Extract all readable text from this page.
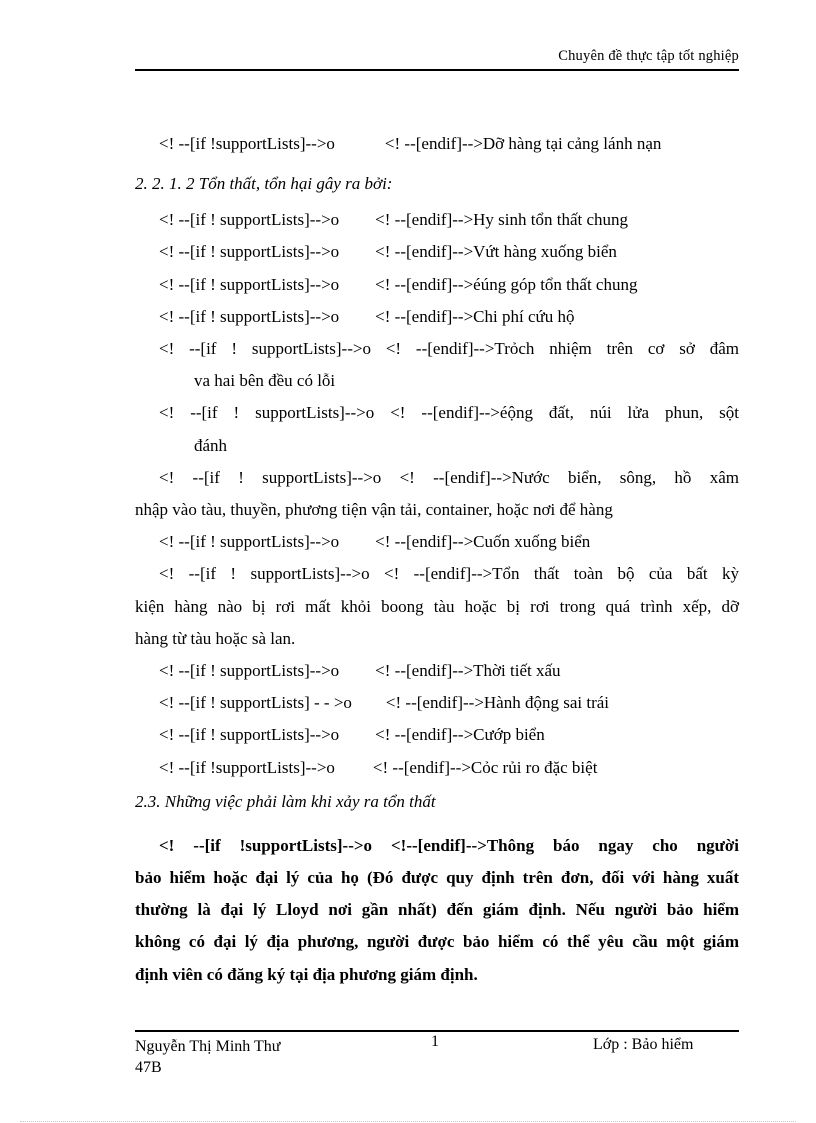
Chuyên đề thực tập tốt nghiệp
<! --[if !supportLists]-->o	<! --[endif]-->Dỡ hàng tại cảng lánh nạn
2. 2. 1. 2 Tổn thất, tổn hại gây ra bởi:
<! --[if ! supportLists]-->o <! --[endif]-->Hy sinh tổn thất chung
<! --[if ! supportLists]-->o <! --[endif]-->Vứt hàng xuống biển
<! --[if ! supportLists]-->o <! --[endif]-->éúng góp tổn thất chung
<! --[if ! supportLists]-->o <! --[endif]-->Chi phí cứu hộ
<! --[if ! supportLists]-->o <! --[endif]-->Trỏch nhiệm trên cơ sở đâm
va hai bên đều có lỗi
<! --[if ! supportLists]-->o <! --[endif]-->éộng đất, núi lửa phun, sột
đánh
<! --[if ! supportLists]-->o <! --[endif]-->Nước biển, sông, hồ xâm
nhập vào tàu, thuyền, phương tiện vận tải, container, hoặc nơi để hàng
<! --[if ! supportLists]-->o <! --[endif]-->Cuốn xuống biển
<! --[if ! supportLists]-->o <! --[endif]-->Tổn thất toàn bộ của bất kỳ
kiện hàng nào bị rơi mất khỏi boong tàu hoặc bị rơi trong quá trình xếp, dỡ
hàng từ tàu hoặc sà lan.
<! --[if ! supportLists]-->o <! --[endif]-->Thời tiết xấu
<! --[if ! supportLists] - - >o <! --[endif]-->Hành động sai trái
<! --[if ! supportLists]-->o <! --[endif]-->Cướp biển
<! --[if !supportLists]-->o <! --[endif]-->Cỏc rủi ro đặc biệt
2.3. Những việc phải làm khi xảy ra tổn thất
<! --[if !supportLists]-->o <!--[endif]-->Thông báo ngay cho người
bảo hiểm hoặc đại lý của họ (Đó được quy định trên đơn, đối với hàng xuất
thường là đại lý Lloyd nơi gần nhất) đến giám định. Nếu người bảo hiểm
không có đại lý địa phương, người được bảo hiểm có thể yêu cầu một giám
định viên có đăng ký tại địa phương giám định.
Nguyễn Thị Minh Thư
47B
1	Lớp : Bảo hiểm
